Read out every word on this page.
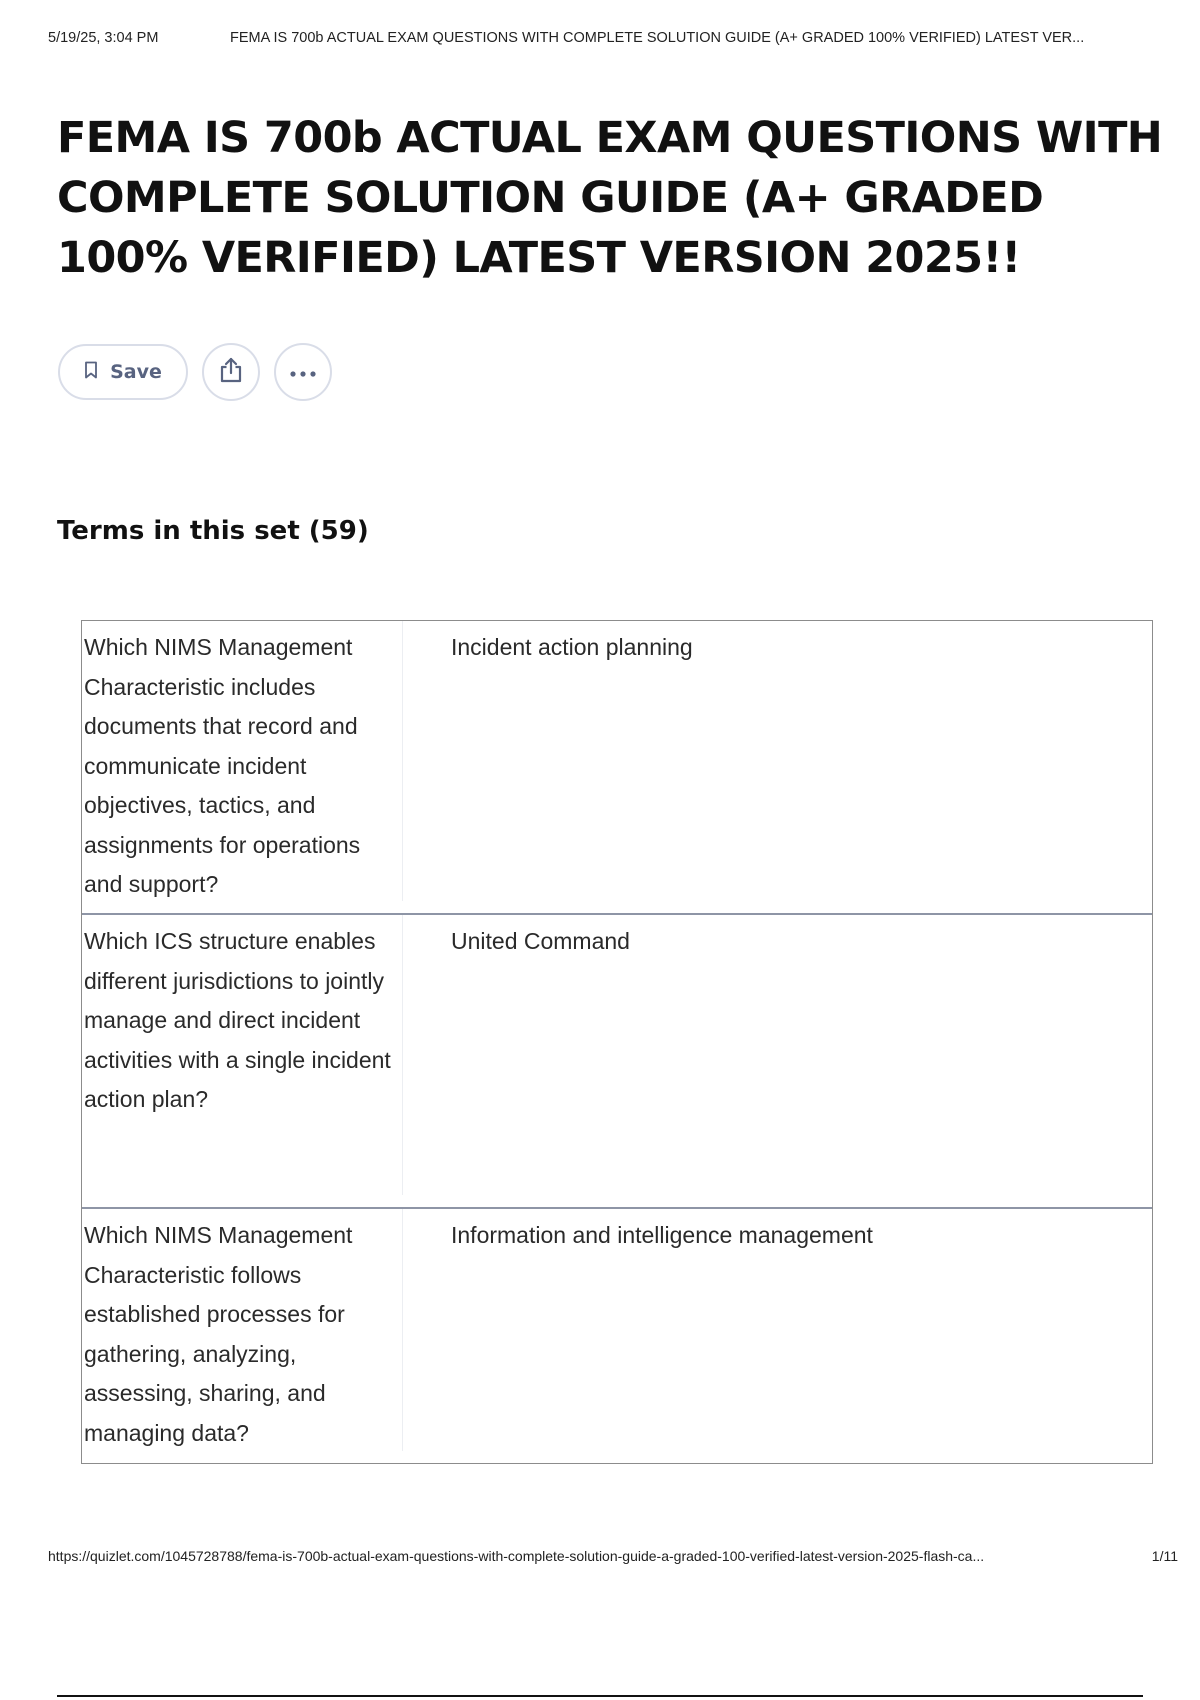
5/19/25, 3:04 PM	FEMA IS 700b ACTUAL EXAM QUESTIONS WITH COMPLETE SOLUTION GUIDE (A+ GRADED 100% VERIFIED) LATEST VER...
FEMA IS 700b ACTUAL EXAM QUESTIONS WITH COMPLETE SOLUTION GUIDE (A+ GRADED 100% VERIFIED) LATEST VERSION 2025!!
Save
Terms in this set (59)
Which NIMS Management Characteristic includes documents that record and communicate incident objectives, tactics, and assignments for operations and support?
Incident action planning
Which ICS structure enables different jurisdictions to jointly manage and direct incident activities with a single incident action plan?
United Command
Which NIMS Management Characteristic follows established processes for gathering, analyzing, assessing, sharing, and managing data?
Information and intelligence management
https://quizlet.com/1045728788/fema-is-700b-actual-exam-questions-with-complete-solution-guide-a-graded-100-verified-latest-version-2025-flash-ca...	1/11
